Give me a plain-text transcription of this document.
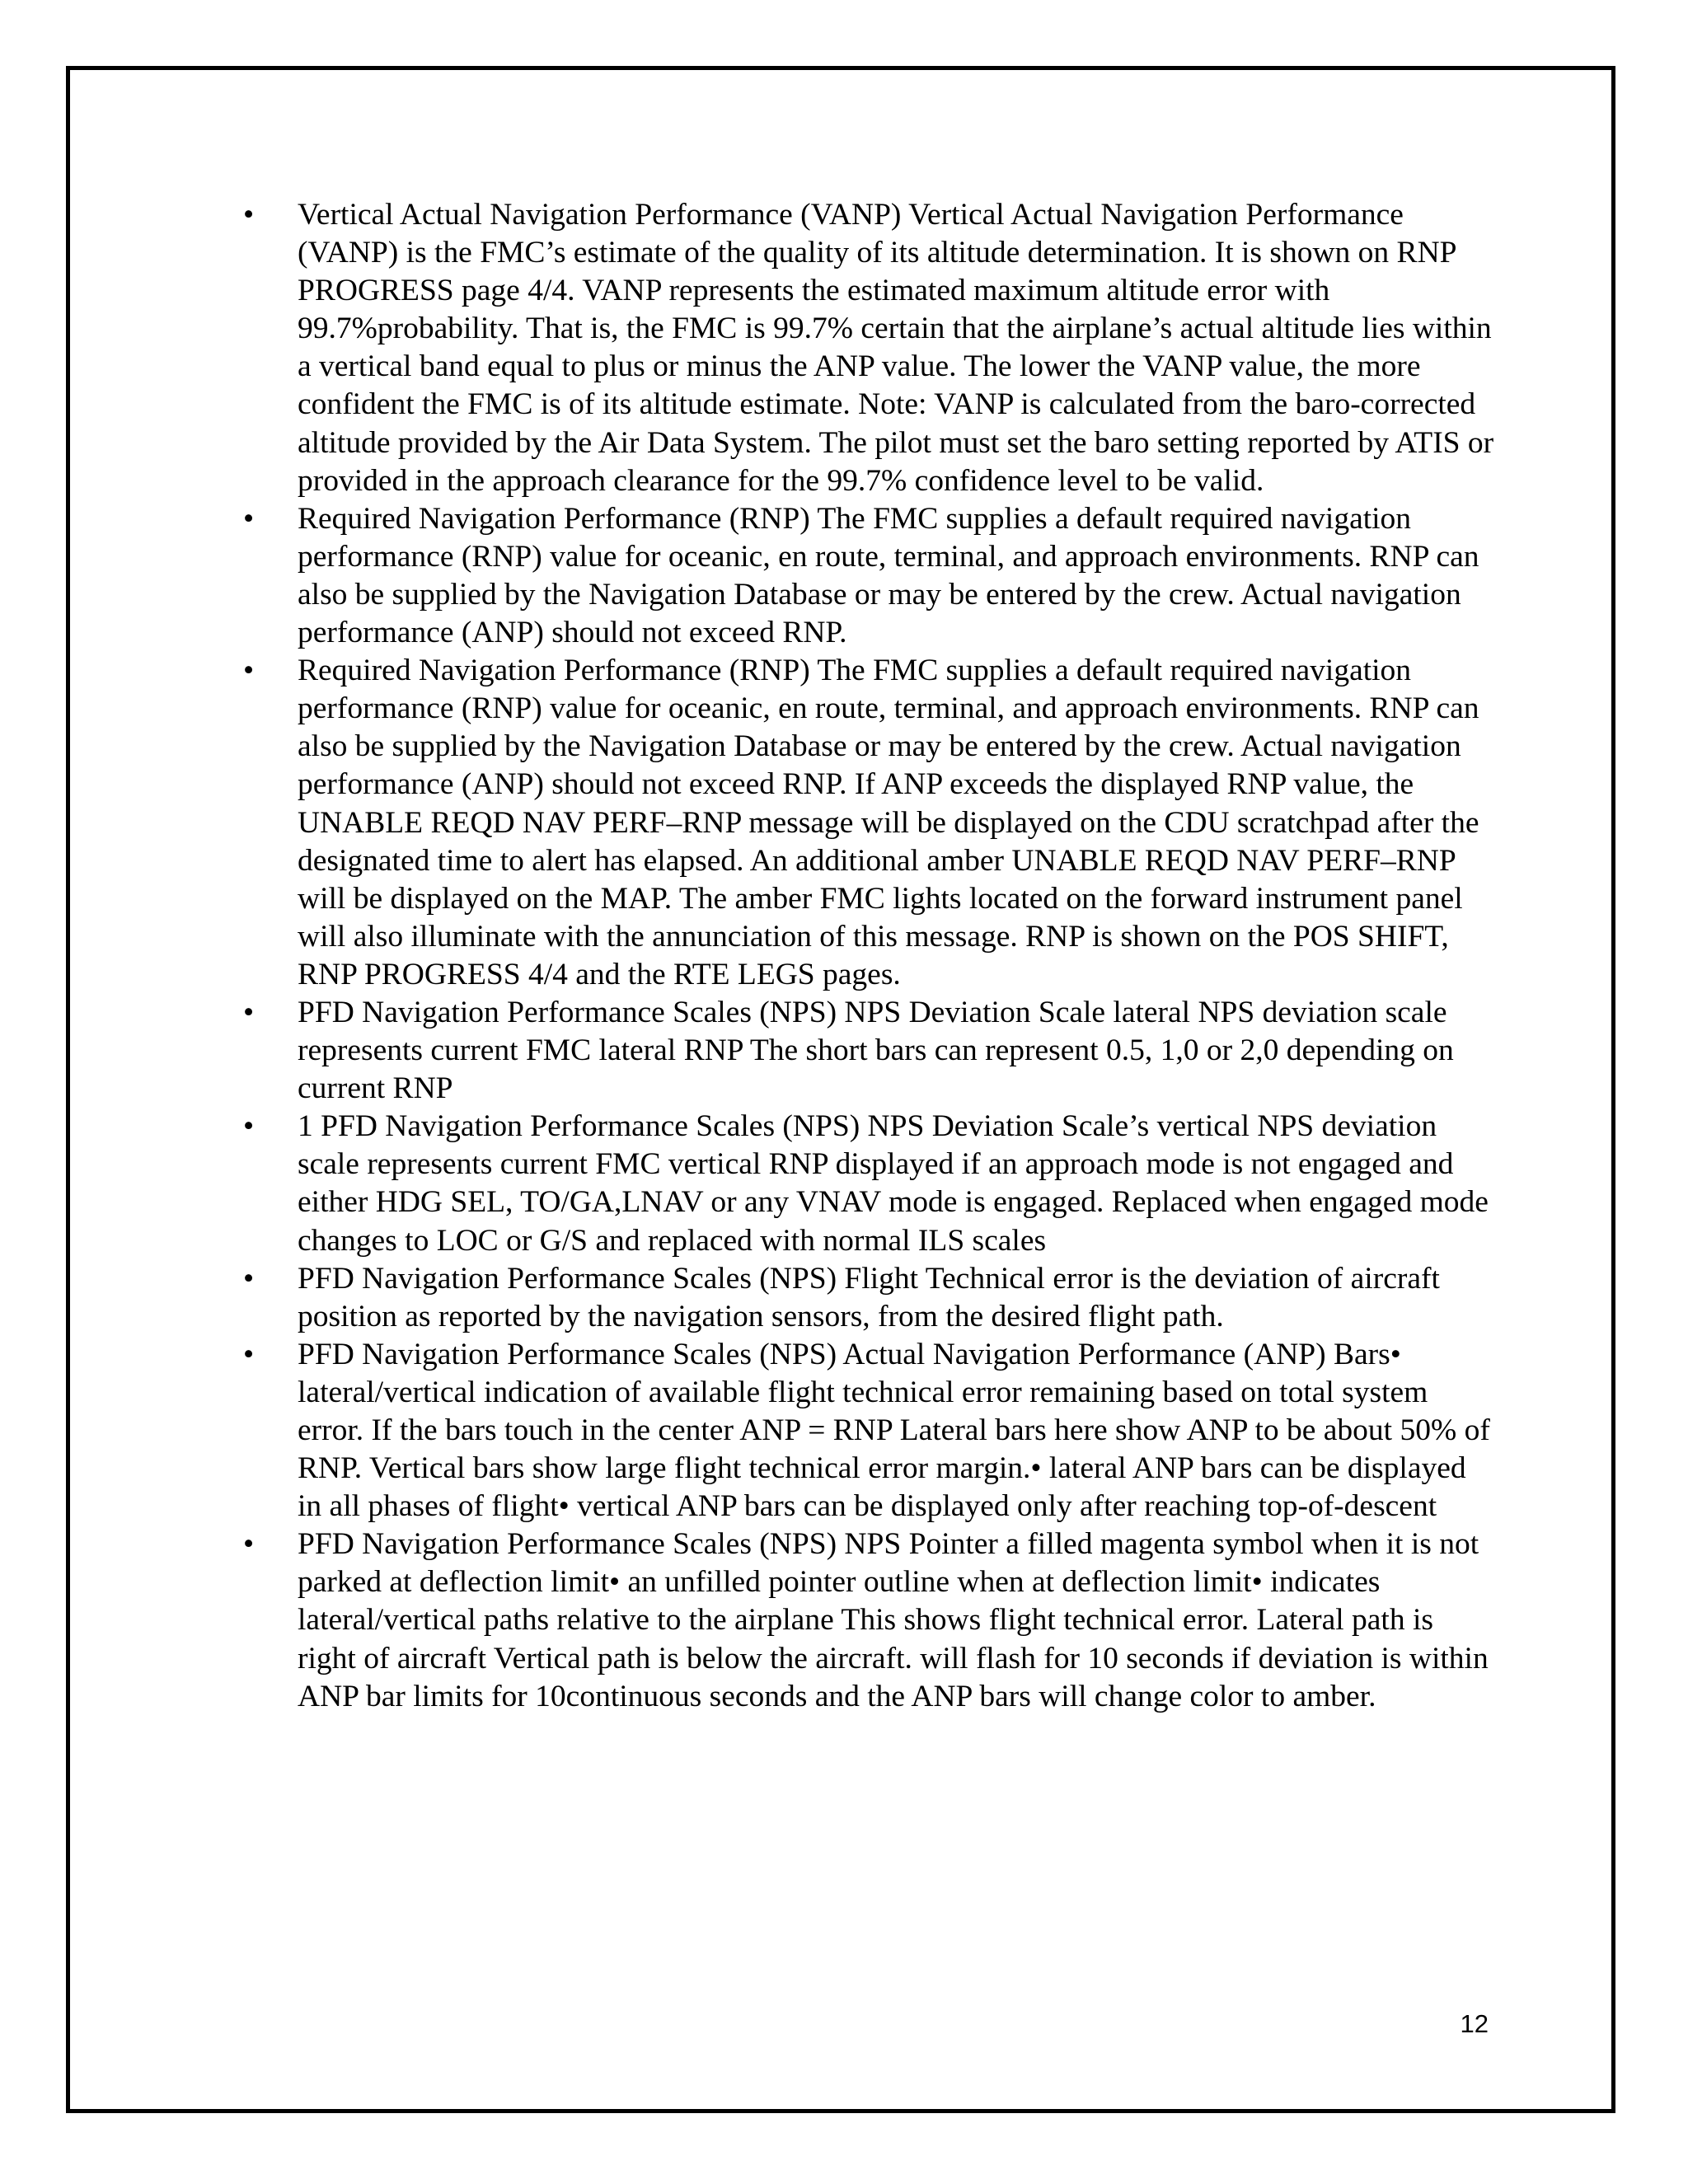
•	Vertical Actual Navigation Performance (VANP) Vertical Actual Navigation Performance (VANP) is the FMC’s estimate of the quality of its altitude determination. It is shown on RNP PROGRESS page 4/4. VANP represents the estimated maximum altitude error with 99.7%probability. That is, the FMC is 99.7% certain that the airplane’s actual altitude lies within a vertical band equal to plus or minus the ANP value. The lower the VANP value, the more confident the FMC is of its altitude estimate. Note: VANP is calculated from the baro-corrected altitude provided by the Air Data System. The pilot must set the baro setting reported by ATIS or provided in the approach clearance for the 99.7% confidence level to be valid.
•	Required Navigation Performance (RNP) The FMC supplies a default required navigation performance (RNP) value for oceanic, en route, terminal, and approach environments. RNP can also be supplied by the Navigation Database or may be entered by the crew. Actual navigation performance (ANP) should not exceed RNP.
•	Required Navigation Performance (RNP) The FMC supplies a default required navigation performance (RNP) value for oceanic, en route, terminal, and approach environments. RNP can also be supplied by the Navigation Database or may be entered by the crew. Actual navigation performance (ANP) should not exceed RNP. If ANP exceeds the displayed RNP value, the UNABLE REQD NAV PERF–RNP message will be displayed on the CDU scratchpad after the designated time to alert has elapsed. An additional amber UNABLE REQD NAV PERF–RNP will be displayed on the MAP. The amber FMC lights located on the forward instrument panel will also illuminate with the annunciation of this message. RNP is shown on the POS SHIFT, RNP PROGRESS 4/4 and the RTE LEGS pages.
•	PFD Navigation Performance Scales (NPS) NPS Deviation Scale lateral NPS deviation scale represents current FMC lateral RNP The short bars can represent 0.5, 1,0 or 2,0 depending on current RNP
•	1 PFD Navigation Performance Scales (NPS) NPS Deviation Scale’s vertical NPS deviation scale represents current FMC vertical RNP displayed if an approach mode is not engaged and either HDG SEL, TO/GA,LNAV or any VNAV mode is engaged. Replaced when engaged mode changes to LOC or G/S and replaced with normal ILS scales
•	PFD Navigation Performance Scales (NPS) Flight Technical error is the deviation of aircraft position as reported by the navigation sensors, from the desired flight path.
•	PFD Navigation Performance Scales (NPS) Actual Navigation Performance (ANP) Bars• lateral/vertical indication of available flight technical error remaining based on total system error. If the bars touch in the center ANP = RNP Lateral bars here show ANP to be about 50% of RNP. Vertical bars show large flight technical error margin.• lateral ANP bars can be displayed in all phases of flight• vertical ANP bars can be displayed only after reaching top-of-descent
•	PFD Navigation Performance Scales (NPS) NPS Pointer a filled magenta symbol when it is not parked at deflection limit• an unfilled pointer outline when at deflection limit• indicates lateral/vertical paths relative to the airplane This shows flight technical error. Lateral path is right of aircraft Vertical path is below the aircraft. will flash for 10 seconds if deviation is within ANP bar limits for 10continuous seconds and the ANP bars will change color to amber.
12
